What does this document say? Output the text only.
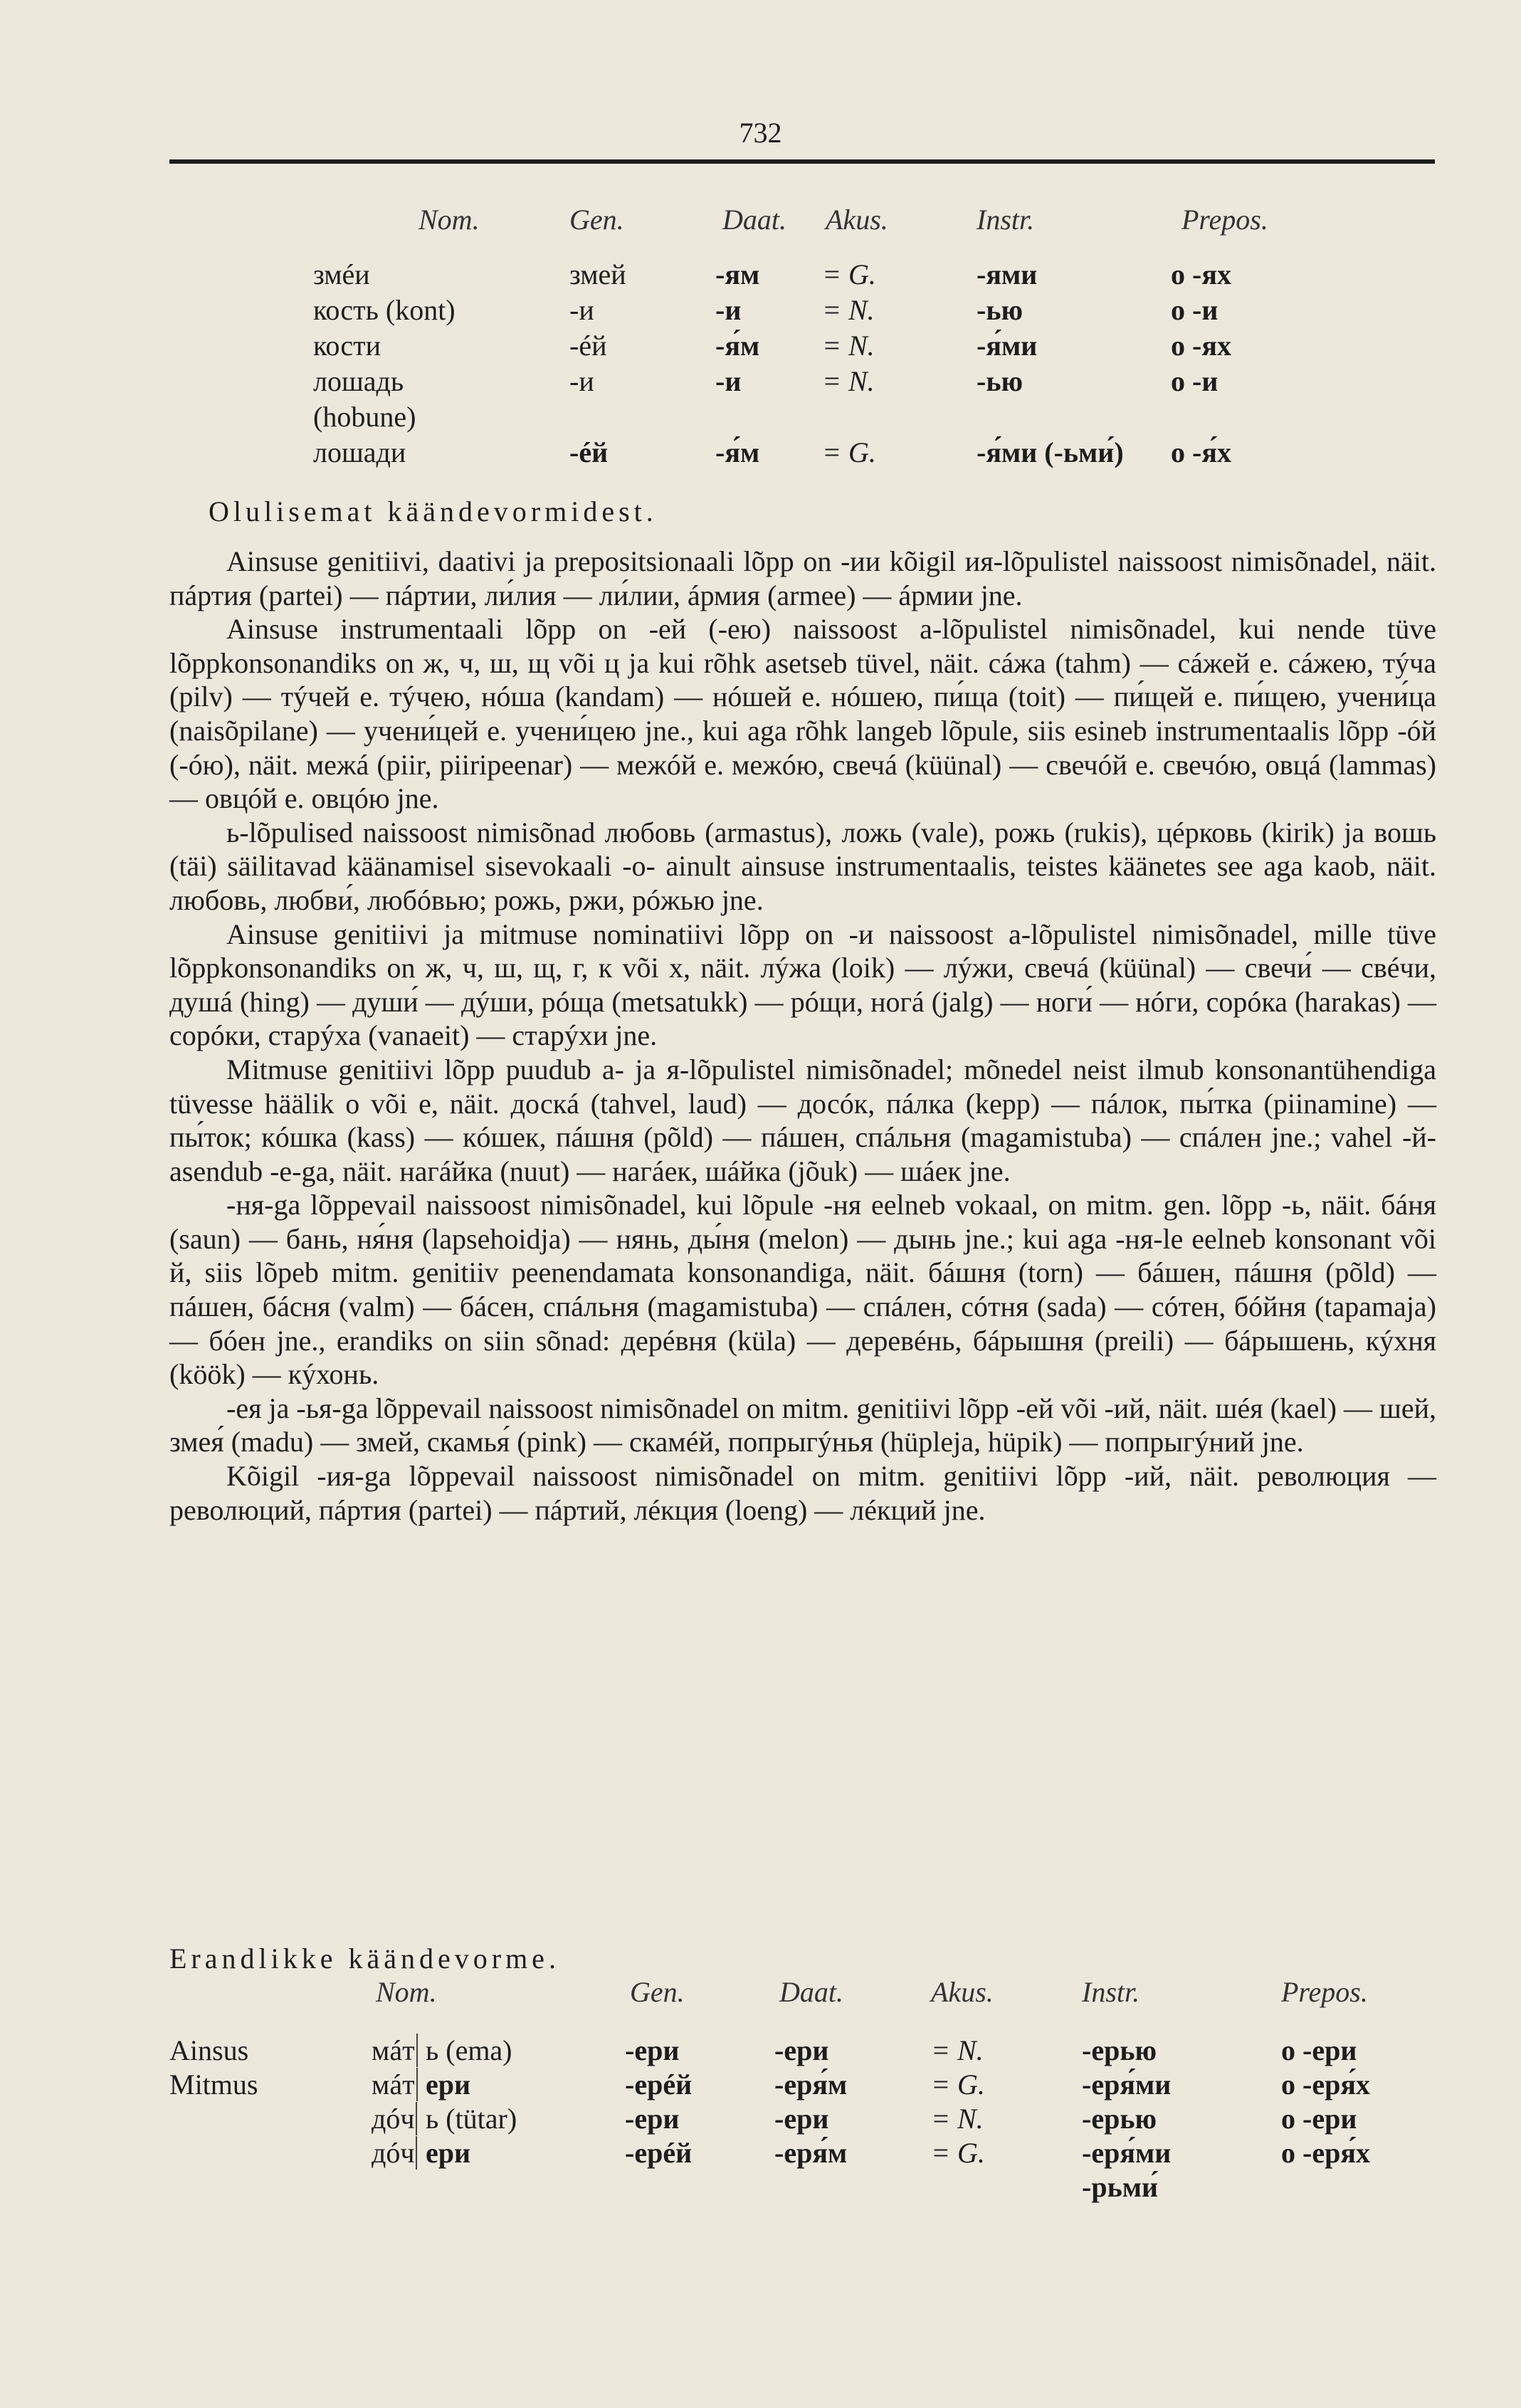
732
Nom.	Gen.	Daat. Akus.	Instr.	Prepos.
змéи	змей	-ям = G.	-ями	о -ях
кость (kont)	-и	-и	= N.	-ью	о -и
кости	-éй	-я́м = N.	-я́ми	о -ях
лошадь	-и	-и	= N.	-ью	о -и
(hobune)
лошади	-éй	-я́м = G.	-я́ми (-ьми́) о -я́х
Olulisemat käändevormidest.

Ainsuse genitiivi, daativi ja prepositsionaali lõpp on -ии kõigil ия-lõpulistel naissoost nimisõnadel, näit. пáртия (partei) — пáртии, ли́лия — ли́лии, áрмия (armee) — áрмии jne.

Ainsuse instrumentaali lõpp on -ей (-ею) naissoost a-lõpulistel nimisõnadel, kui nende tüve lõppkonsonandiks on ж, ч, ш, щ või ц ja kui rõhk asetseb tüvel, näit. сáжа (tahm) — сáжей е. сáжею, тýча (pilv) — тýчей е. тýчею, нóша (kandam) — нóшей е. нóшею, пи́ща (toit) — пи́щей е. пи́щею, учени́ца (naisõpilane) — учени́цей е. учени́цею jne., kui aga rõhk langeb lõpule, siis esineb instrumentaalis lõpp -óй (-óю), näit. межá (piir, piiripeenar) — межóй е. межóю, свечá (küünal) — свечóй е. свечóю, овцá (lammas) — овцóй е. овцóю jne.

ь-lõpulised naissoost nimisõnad любовь (armastus), ложь (vale), рожь (rukis), цéрковь (kirik) ja вошь (täi) säilitavad käänamisel sisevokaali -o- ainult ainsuse instrumentaalis, teistes käänetes see aga kaob, näit. любовь, любви́, любóвью; рожь, ржи, рóжью jne.

Ainsuse genitiivi ja mitmuse nominatiivi lõpp on -и naissoost a-lõpulistel nimisõnadel, mille tüve lõppkonsonandiks on ж, ч, ш, щ, г, к või х, näit. лýжа (loik) — лýжи, свечá (küünal) — свечи́ — свéчи, душá (hing) — души́ — дýши, рóща (metsatukk) — рóщи, ногá (jalg) — ноги́ — нóги, сорóка (harakas) — сорóки, старýха (vanaeit) — старýхи jne.

Mitmuse genitiivi lõpp puudub а- ja я-lõpulistel nimisõnadel; mõnedel neist ilmub konsonantühendiga tüvesse häälik о või е, näit. доскá (tahvel, laud) — досóк, пáлка (kepp) — пáлок, пы́тка (piinamine) — пы́ток; кóшка (kass) — кóшек, пáшня (põld) — пáшен, спáльня (magamistuba) — спáлен jne.; vahel -й- asendub -е-ga, näit. нагáйка (nuut) — нагáек, шáйка (jõuk) — шáек jne.

-ня-ga lõppevail naissoost nimisõnadel, kui lõpule -ня eelneb vokaal, on mitm. gen. lõpp -ь, näit. бáня (saun) — бань, ня́ня (lapsehoidja) — нянь, ды́ня (melon) — дынь jne.; kui aga -ня-le eelneb konsonant või й, siis lõpeb mitm. genitiiv peenendamata konsonandiga, näit. бáшня (torn) — бáшен, пáшня (põld) — пáшен, бáсня (valm) — бáсен, спáльня (magamistuba) — спáлен, сóтня (sada) — сóтен, бóйня (tapamaja) — бóен jne., erandiks on siin sõnad: дерéвня (küla) — деревéнь, бáрышня (preili) — бáрышень, кýхня (köök) — кýхонь.

-ея ja -ья-ga lõppevail naissoost nimisõnadel on mitm. genitiivi lõpp -ей või -ий, näit. шéя (kael) — шей, змея́ (madu) — змей, скамья́ (pink) — скамéй, попрыгýнья (hüpleja, hüpik) — попрыгýний jne.

Kõigil -ия-ga lõppevail naissoost nimisõnadel on mitm. genitiivi lõpp -ий, näit. революция — революций, пáртия (partei) — пáртий, лéкция (loeng) — лéкций jne.

Erandlikke käändevorme.
Nom.	Gen.	Daat.	Akus.	Instr.	Prepos.
Ainsus	мáт ь (ema)	-ери	-ери	= N.	-ерью	о -ери
Mitmus	мáт ери	-ерéй	-еря́м	= G.	-еря́ми	о -еря́х
дóч ь (tütar)	-ери	-ери	= N.	-ерью	о -ери
дóч ери	-ерéй	-еря́м	= G.	-еря́ми	о -еря́х
-рьми́
